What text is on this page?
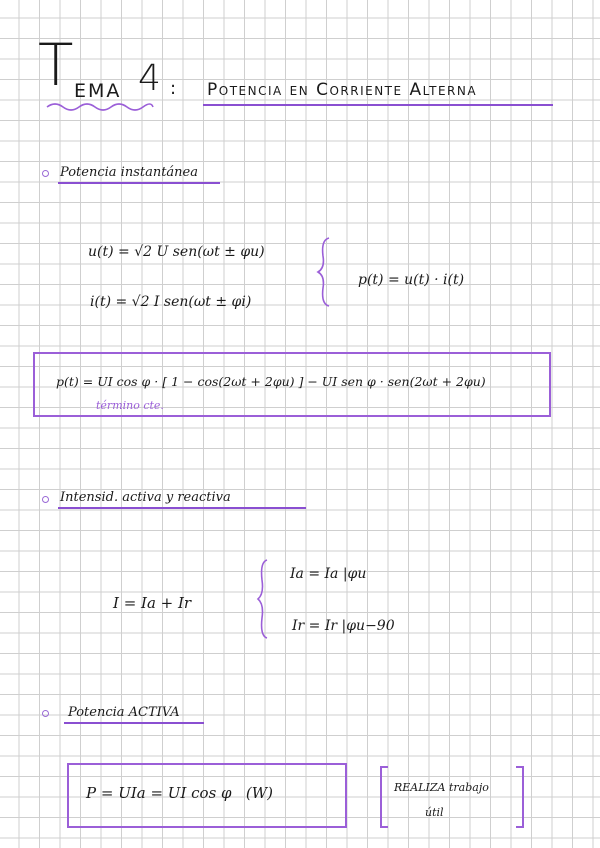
T EMA 4 : Potencia en Corriente Alterna
Potencia instantánea
u(t) = √2 U sen(ωt ± φu)
i(t) = √2 I sen(ωt ± φi)
p(t) = u(t) · i(t)
p(t) = UI cos φ · [ 1 − cos(2ωt + 2φu) ] − UI sen φ · sen(2ωt + 2φu)
término cte.
Intensid. activa y reactiva
I = Ia + Ir
Ia = Ia |φu
Ir = Ir |φu−90
Potencia ACTIVA
P = UIa = UI cos φ   (W)	REALIZA trabajo
útil
